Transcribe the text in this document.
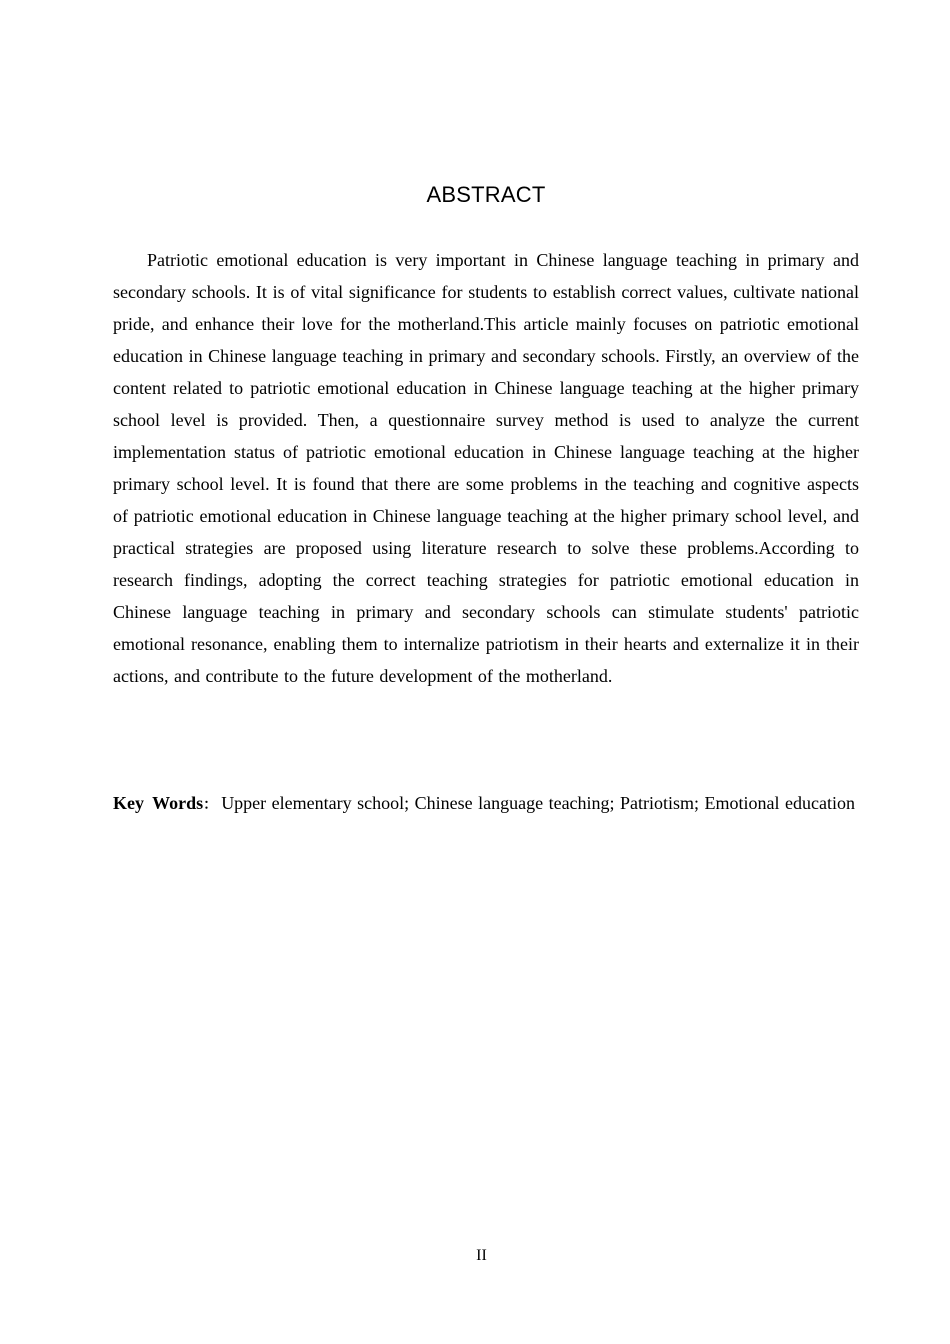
ABSTRACT

Patriotic emotional education is very important in Chinese language teaching in primary and secondary schools. It is of vital significance for students to establish correct values, cultivate national pride, and enhance their love for the motherland.This article mainly focuses on patriotic emotional education in Chinese language teaching in primary and secondary schools. Firstly, an overview of the content related to patriotic emotional education in Chinese language teaching at the higher primary school level is provided. Then, a questionnaire survey method is used to analyze the current implementation status of patriotic emotional education in Chinese language teaching at the higher primary school level. It is found that there are some problems in the teaching and cognitive aspects of patriotic emotional education in Chinese language teaching at the higher primary school level, and practical strategies are proposed using literature research to solve these problems.According to research findings, adopting the correct teaching strategies for patriotic emotional education in Chinese language teaching in primary and secondary schools can stimulate students' patriotic emotional resonance, enabling them to internalize patriotism in their hearts and externalize it in their actions, and contribute to the future development of the motherland.

Key Words： Upper elementary school; Chinese language teaching; Patriotism; Emotional education

II
